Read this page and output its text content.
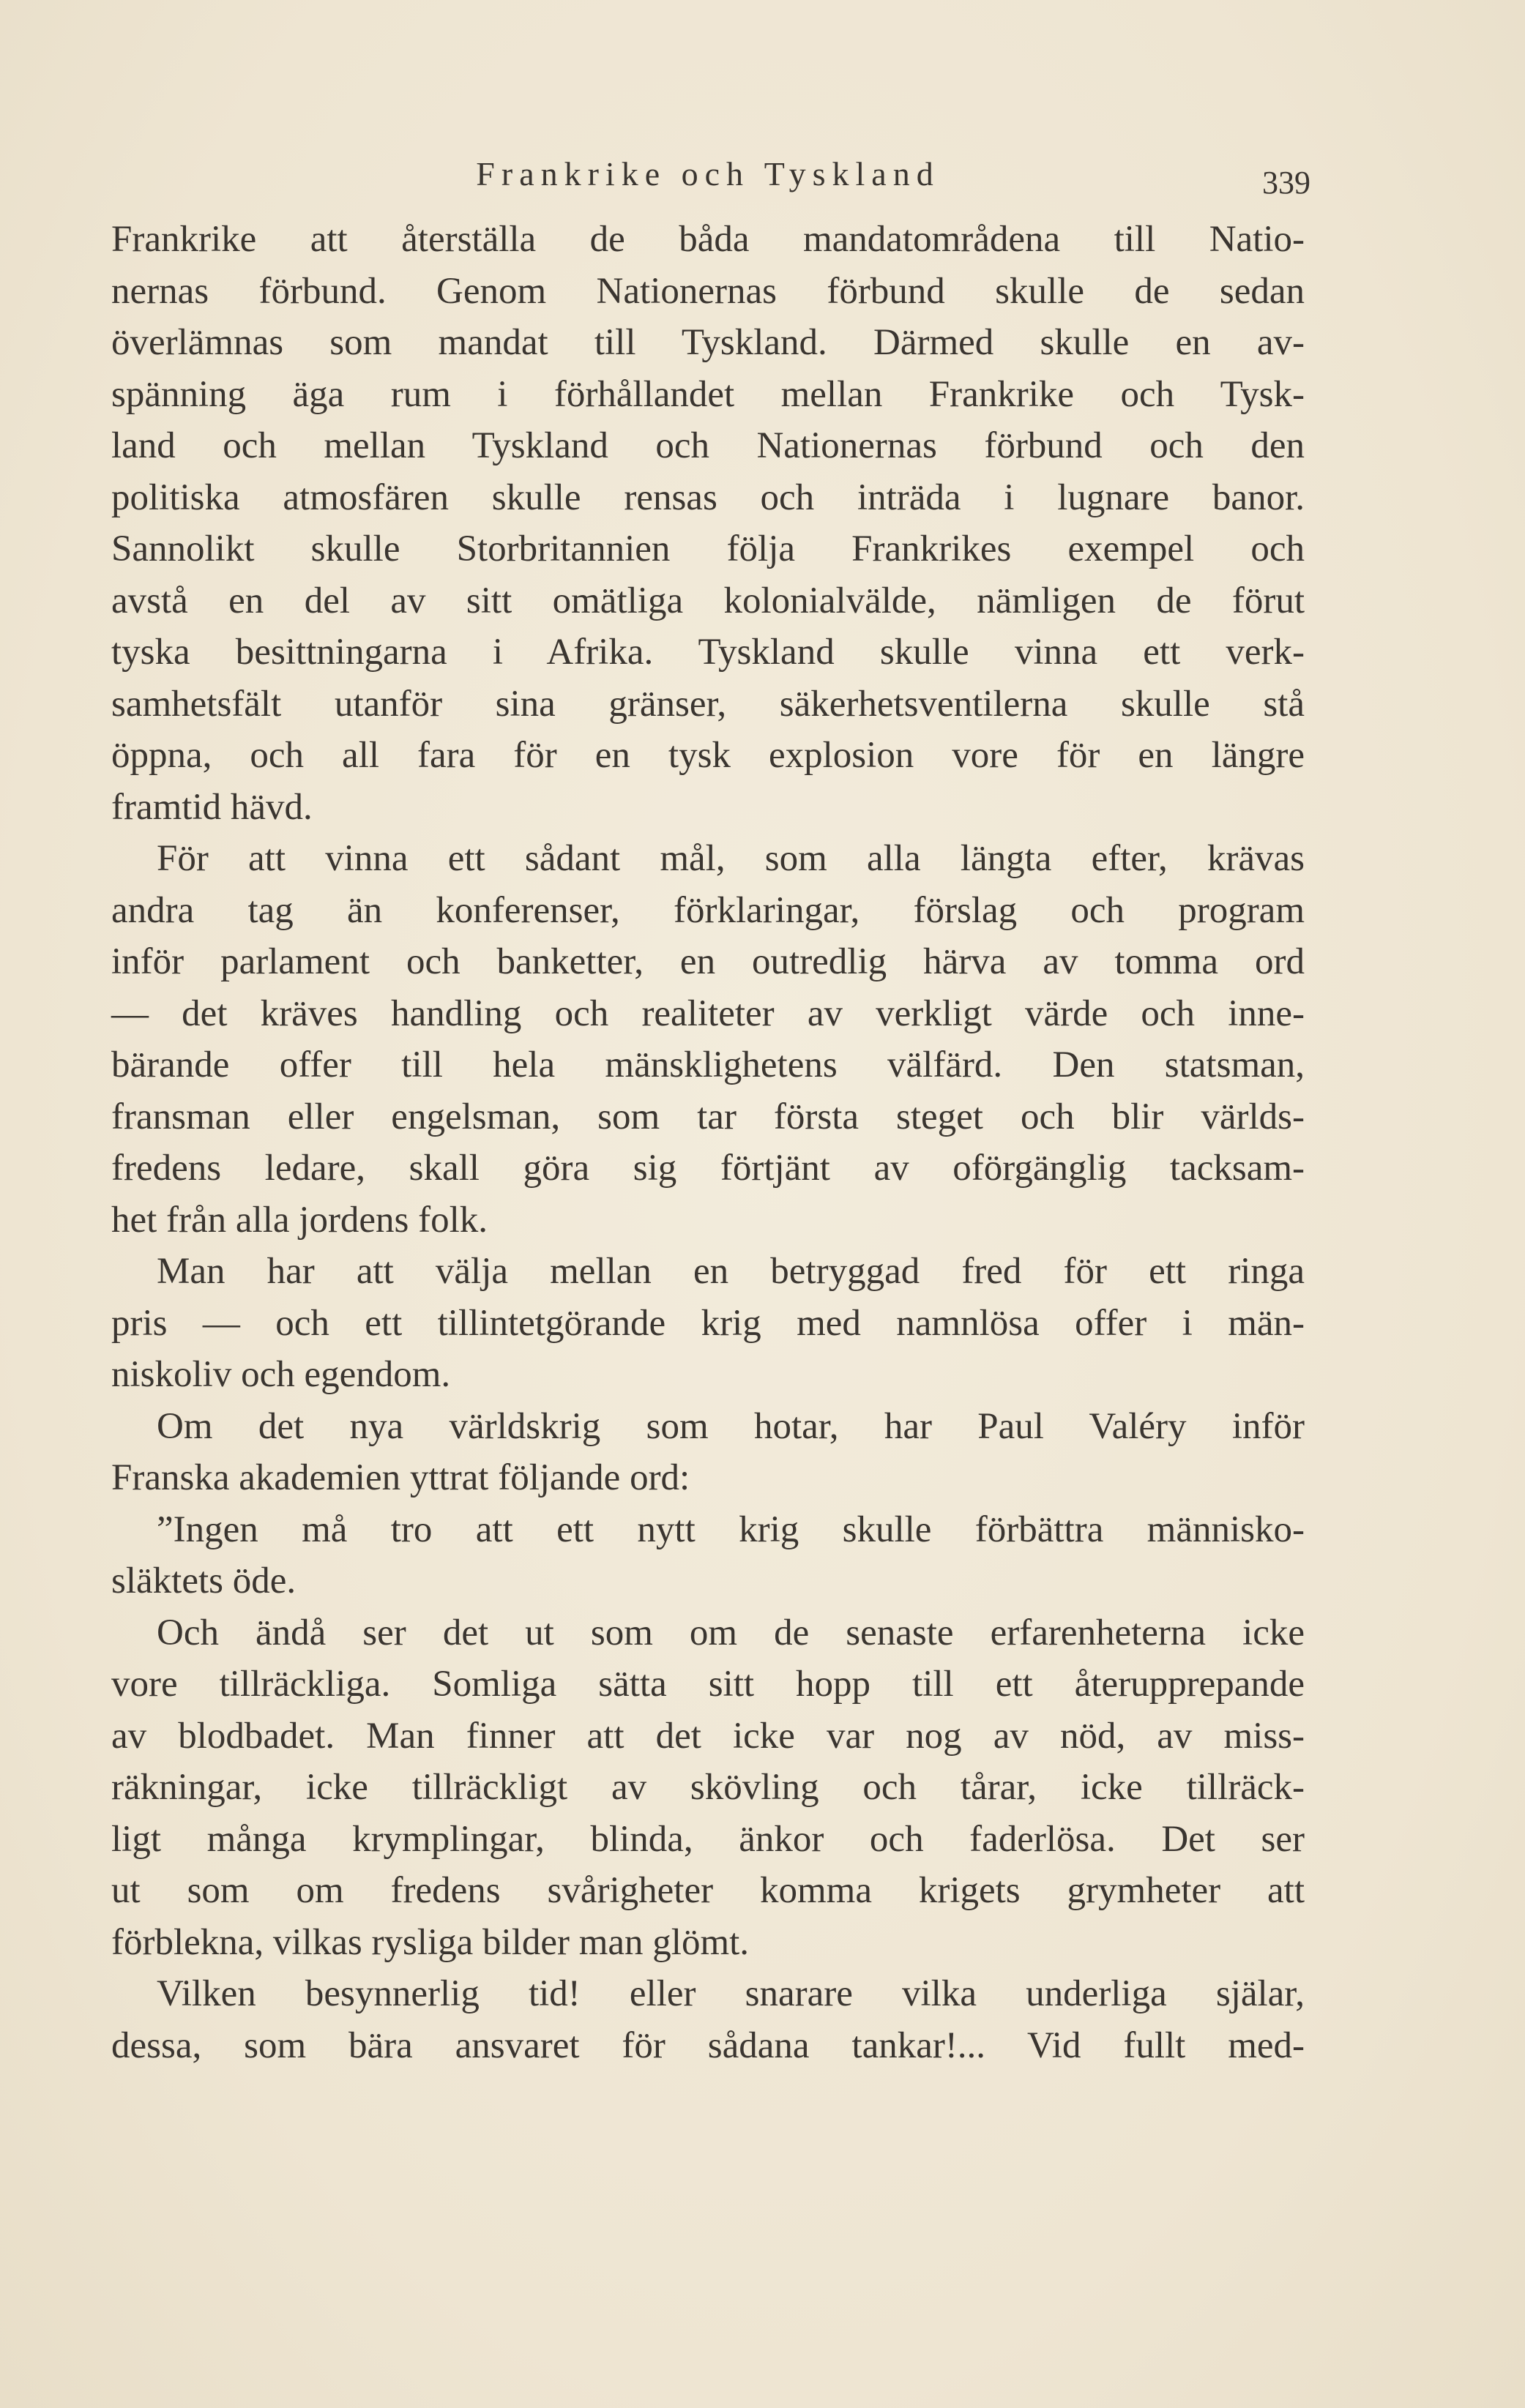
Frankrike och Tyskland	339
Frankrike att återställa de båda mandatområdena till Natio-
nernas förbund. Genom Nationernas förbund skulle de sedan
överlämnas som mandat till Tyskland. Därmed skulle en av-
spänning äga rum i förhållandet mellan Frankrike och Tysk-
land och mellan Tyskland och Nationernas förbund och den
politiska atmosfären skulle rensas och inträda i lugnare banor.
Sannolikt skulle Storbritannien följa Frankrikes exempel och
avstå en del av sitt omätliga kolonialvälde, nämligen de förut
tyska besittningarna i Afrika. Tyskland skulle vinna ett verk-
samhetsfält utanför sina gränser, säkerhetsventilerna skulle stå
öppna, och all fara för en tysk explosion vore för en längre
framtid hävd.
För att vinna ett sådant mål, som alla längta efter, krävas
andra tag än konferenser, förklaringar, förslag och program
inför parlament och banketter, en outredlig härva av tomma ord
— det kräves handling och realiteter av verkligt värde och inne-
bärande offer till hela mänsklighetens välfärd. Den statsman,
fransman eller engelsman, som tar första steget och blir världs-
fredens ledare, skall göra sig förtjänt av oförgänglig tacksam-
het från alla jordens folk.
Man har att välja mellan en betryggad fred för ett ringa
pris — och ett tillintetgörande krig med namnlösa offer i män-
niskoliv och egendom.
Om det nya världskrig som hotar, har Paul Valéry inför
Franska akademien yttrat följande ord:
”Ingen må tro att ett nytt krig skulle förbättra människo-
släktets öde.
Och ändå ser det ut som om de senaste erfarenheterna icke
vore tillräckliga. Somliga sätta sitt hopp till ett återupprepande
av blodbadet. Man finner att det icke var nog av nöd, av miss-
räkningar, icke tillräckligt av skövling och tårar, icke tillräck-
ligt många krymplingar, blinda, änkor och faderlösa. Det ser
ut som om fredens svårigheter komma krigets grymheter att
förblekna, vilkas rysliga bilder man glömt.
Vilken besynnerlig tid! eller snarare vilka underliga själar,
dessa, som bära ansvaret för sådana tankar!... Vid fullt med-
